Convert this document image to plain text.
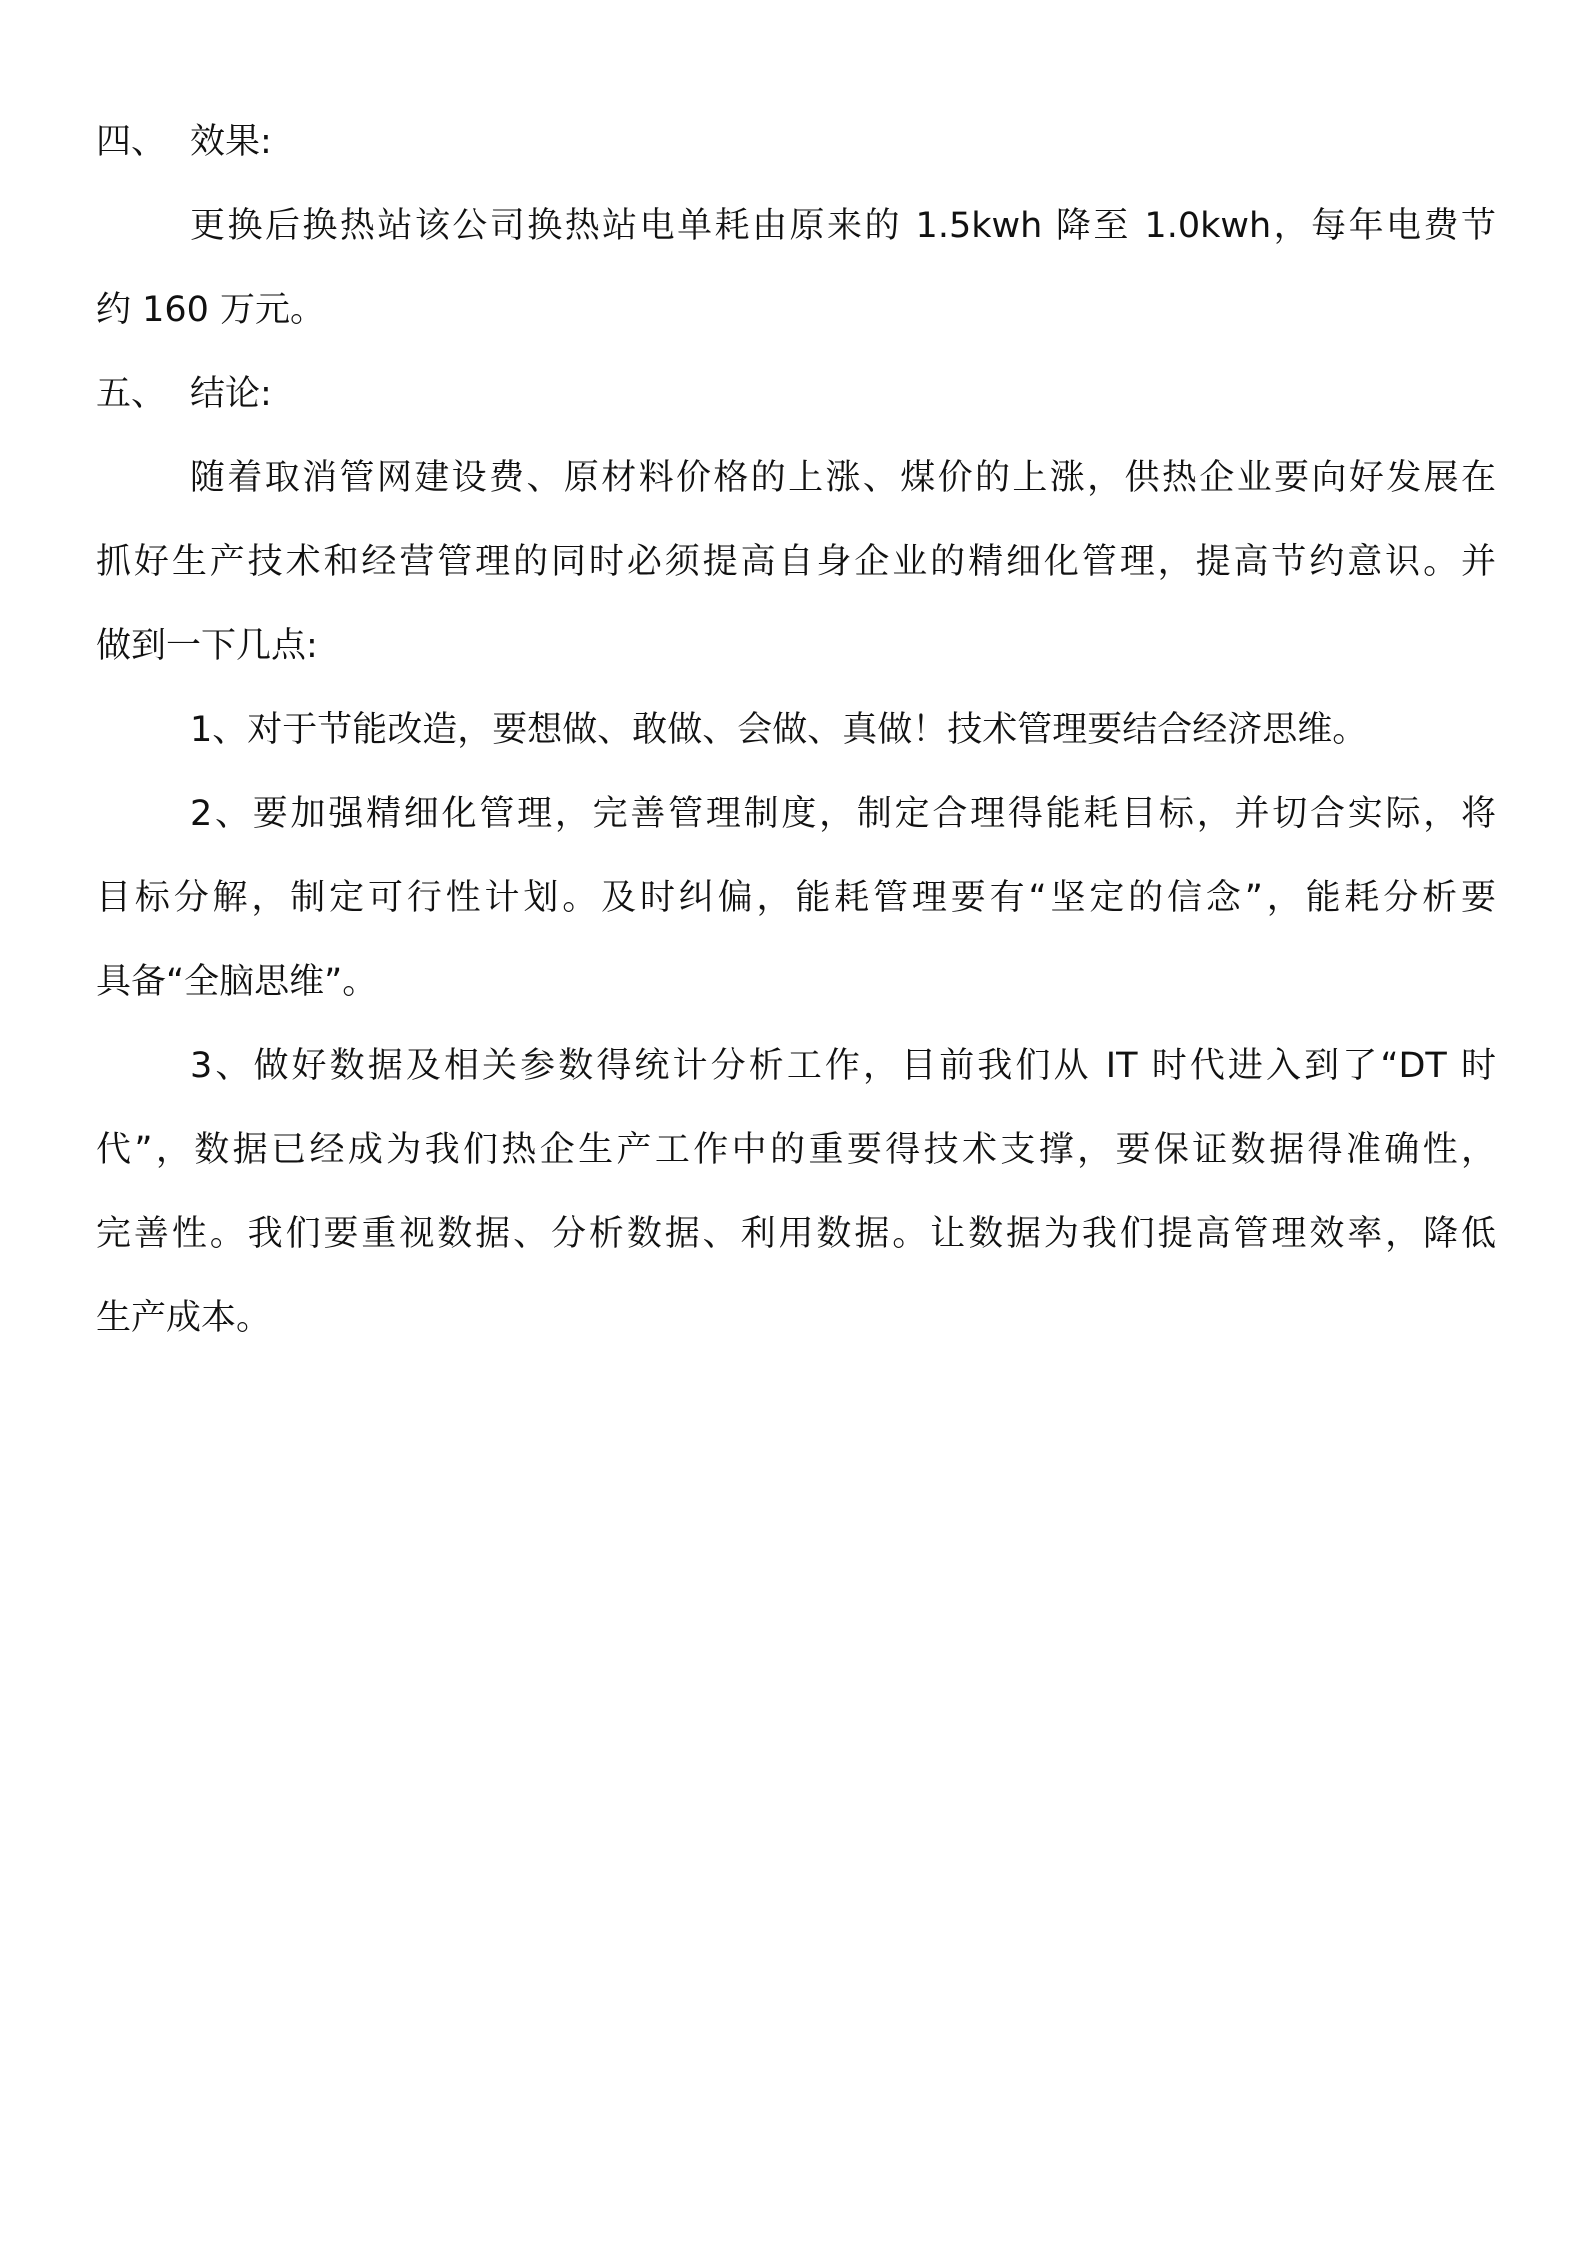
四、 效果:

更换后换热站该公司换热站电单耗由原来的 1.5kwh 降至 1.0kwh，每年电费节

约 160 万元。

五、 结论:

随着取消管网建设费、原材料价格的上涨、煤价的上涨，供热企业要向好发展在

抓好生产技术和经营管理的同时必须提高自身企业的精细化管理，提高节约意识。并

做到一下几点:

1、对于节能改造，要想做、敢做、会做、真做！技术管理要结合经济思维。

2、要加强精细化管理，完善管理制度，制定合理得能耗目标，并切合实际，将

目标分解，制定可行性计划。及时纠偏，能耗管理要有“坚定的信念”，能耗分析要

具备“全脑思维”。

3、做好数据及相关参数得统计分析工作，目前我们从 IT 时代进入到了“DT 时

代”，数据已经成为我们热企生产工作中的重要得技术支撑，要保证数据得准确性，

完善性。我们要重视数据、分析数据、利用数据。让数据为我们提高管理效率，降低

生产成本。
